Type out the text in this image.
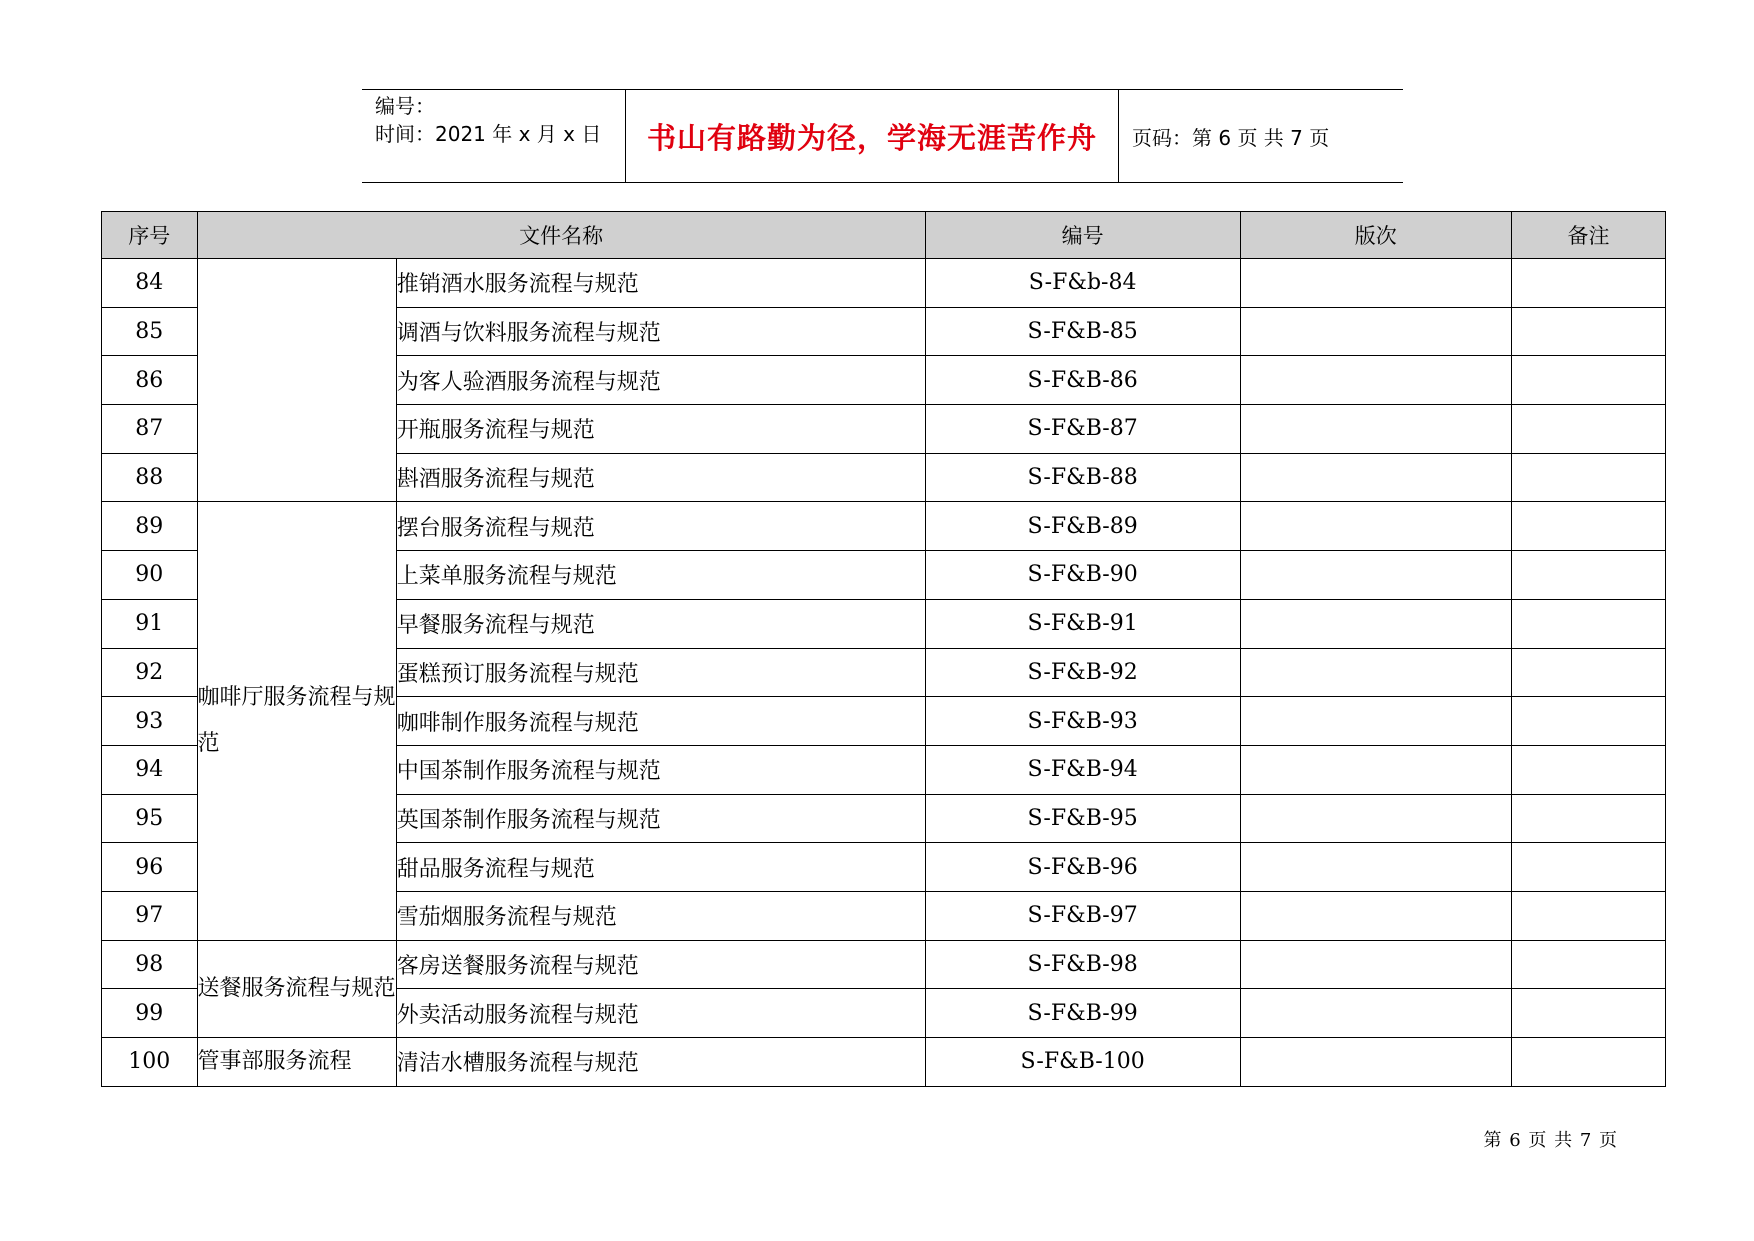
编号：
时间：2021 年 x 月 x 日	书山有路勤为径，学海无涯苦作舟	页码：第 6 页 共 7 页
序号	文件名称		编号	版次	备注
84		推销酒水服务流程与规范	S-F&b-84		
85		调酒与饮料服务流程与规范	S-F&B-85		
86		为客人验酒服务流程与规范	S-F&B-86		
87		开瓶服务流程与规范	S-F&B-87		
88		斟酒服务流程与规范	S-F&B-88		
89	咖啡厅服务流程与规范	摆台服务流程与规范	S-F&B-89		
90		上菜单服务流程与规范	S-F&B-90		
91		早餐服务流程与规范	S-F&B-91		
92		蛋糕预订服务流程与规范	S-F&B-92		
93		咖啡制作服务流程与规范	S-F&B-93		
94		中国茶制作服务流程与规范	S-F&B-94		
95		英国茶制作服务流程与规范	S-F&B-95		
96		甜品服务流程与规范	S-F&B-96		
97		雪茄烟服务流程与规范	S-F&B-97		
98	送餐服务流程与规范	客房送餐服务流程与规范	S-F&B-98		
99		外卖活动服务流程与规范	S-F&B-99		
100	管事部服务流程	清洁水槽服务流程与规范	S-F&B-100		
第 6 页 共 7 页
